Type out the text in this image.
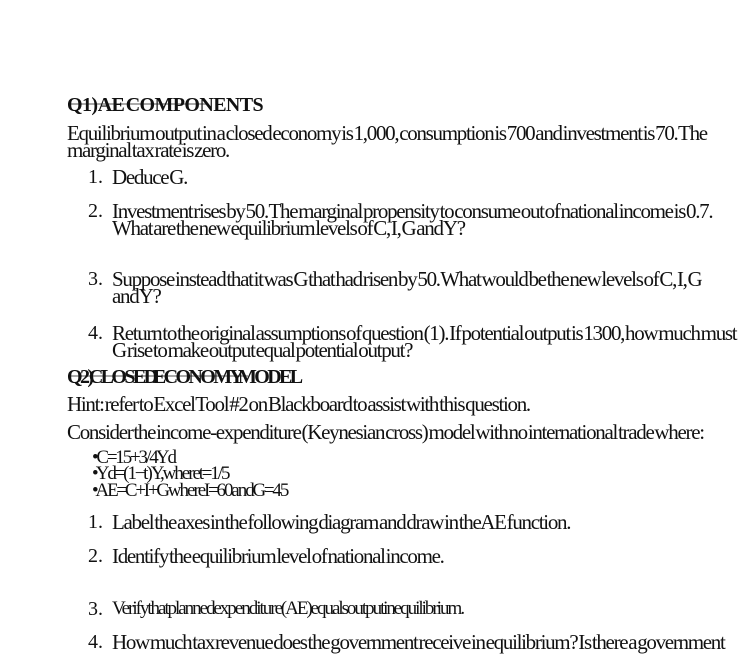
Q1) AE COMPONENTS
Equilibrium output in a closed economy is 1,000, consumption is 700 and investment is 70. The
marginal tax rate is zero.
1. Deduce G.
2. Investment rises by 50. The marginal propensity to consume out of national income is 0.7.
What are the new equilibrium levels of C, I, G and Y?
3. Suppose instead that it was G that had risen by 50. What would be the new levels of C, I, G
and Y?
4. Return to the original assumptions of question (1). If potential output is 1300, how much must
G rise to make output equal potential output?
Q2) CLOSED ECONOMY MODEL
Hint: refer to Excel Tool #2 on Blackboard to assist with this question.
Consider the income-expenditure (Keynesian cross) model with no international trade where:
• C = 15 + 3/4 Yd
• Yd = (1 − t)Y, where t = 1/5
• AE = C + I + G where I = 60 and G = 45
1. Label the axes in the following diagram and draw in the AE function.
2. Identify the equilibrium level of national income.
3. Verify that planned expenditure (AE) equals output in equilibrium.
4. How much tax revenue does the government receive in equilibrium? Is there a government
